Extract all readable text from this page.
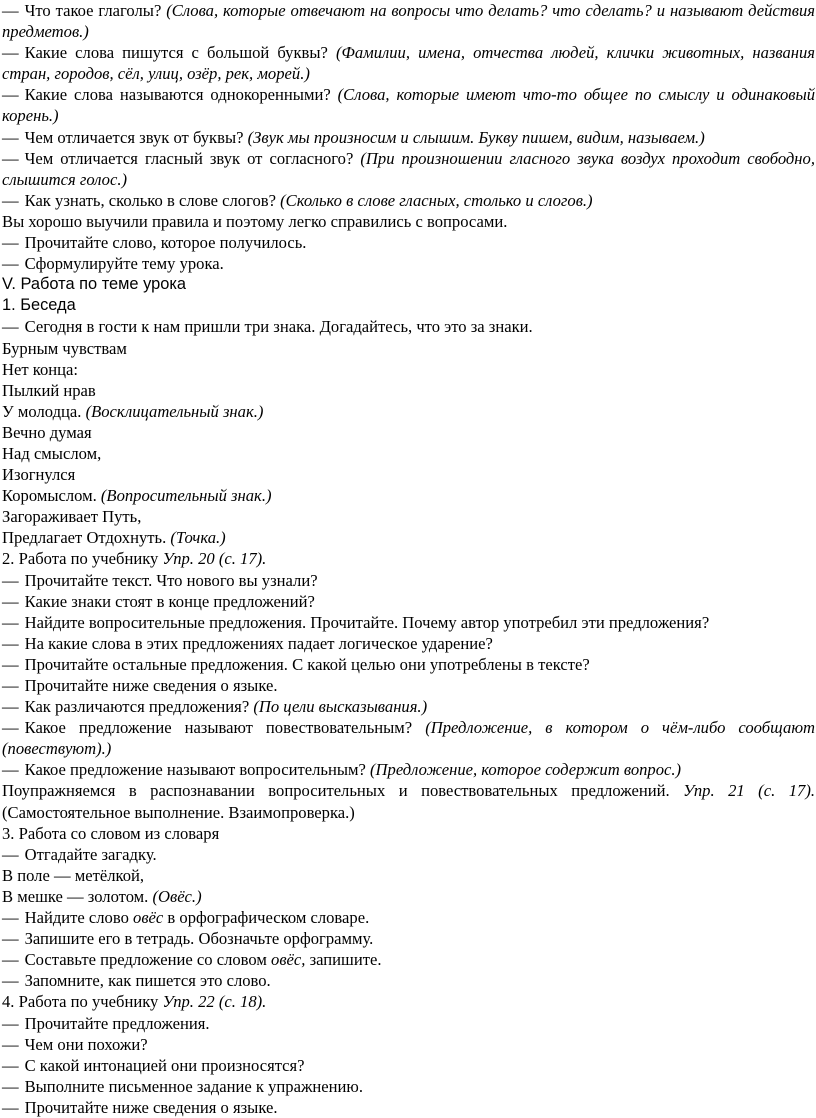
— Что такое глаголы? (Слова, которые отвечают на вопросы что делать? что сделать? и называют действия предметов.)

— Какие слова пишутся с большой буквы? (Фамилии, имена, отчества людей, клички животных, названия стран, городов, сёл, улиц, озёр, рек, морей.)

— Какие слова называются однокоренными? (Слова, которые имеют что-то общее по смыслу и одинаковый корень.)

— Чем отличается звук от буквы? (Звук мы произносим и слышим. Букву пишем, видим, называем.)

— Чем отличается гласный звук от согласного? (При произношении гласного звука воздух проходит свободно, слышится голос.)

— Как узнать, сколько в слове слогов? (Сколько в слове гласных, столько и слогов.)

Вы хорошо выучили правила и поэтому легко справились с вопросами.

— Прочитайте слово, которое получилось.

— Сформулируйте тему урока.

V. Работа по теме урока

1. Беседа

— Сегодня в гости к нам пришли три знака. Догадайтесь, что это за знаки.

Бурным чувствам

Нет конца:

Пылкий нрав

У молодца. (Восклицательный знак.)

Вечно думая

Над смыслом,

Изогнулся

Коромыслом. (Вопросительный знак.)

Загораживает Путь,

Предлагает Отдохнуть. (Точка.)

2. Работа по учебнику Упр. 20 (с. 17).

— Прочитайте текст. Что нового вы узнали?

— Какие знаки стоят в конце предложений?

— Найдите вопросительные предложения. Прочитайте. Почему автор употребил эти предложения?

— На какие слова в этих предложениях падает логическое ударение?

— Прочитайте остальные предложения. С какой целью они употреблены в тексте?

— Прочитайте ниже сведения о языке.

— Как различаются предложения? (По цели высказывания.)

— Какое предложение называют повествовательным? (Предложение, в котором о чём-либо сообщают (повествуют).)

— Какое предложение называют вопросительным? (Предложение, которое содержит вопрос.)

Поупражняемся в распознавании вопросительных и повествовательных предложений. Упр. 21 (с. 17). (Самостоятельное выполнение. Взаимопроверка.)

3. Работа со словом из словаря

— Отгадайте загадку.

В поле — метёлкой,

В мешке — золотом. (Овёс.)

— Найдите слово овёс в орфографическом словаре.

— Запишите его в тетрадь. Обозначьте орфограмму.

— Составьте предложение со словом овёс, запишите.

— Запомните, как пишется это слово.

4. Работа по учебнику Упр. 22 (с. 18).

— Прочитайте предложения.

— Чем они похожи?

— С какой интонацией они произносятся?

— Выполните письменное задание к упражнению.

— Прочитайте ниже сведения о языке.
